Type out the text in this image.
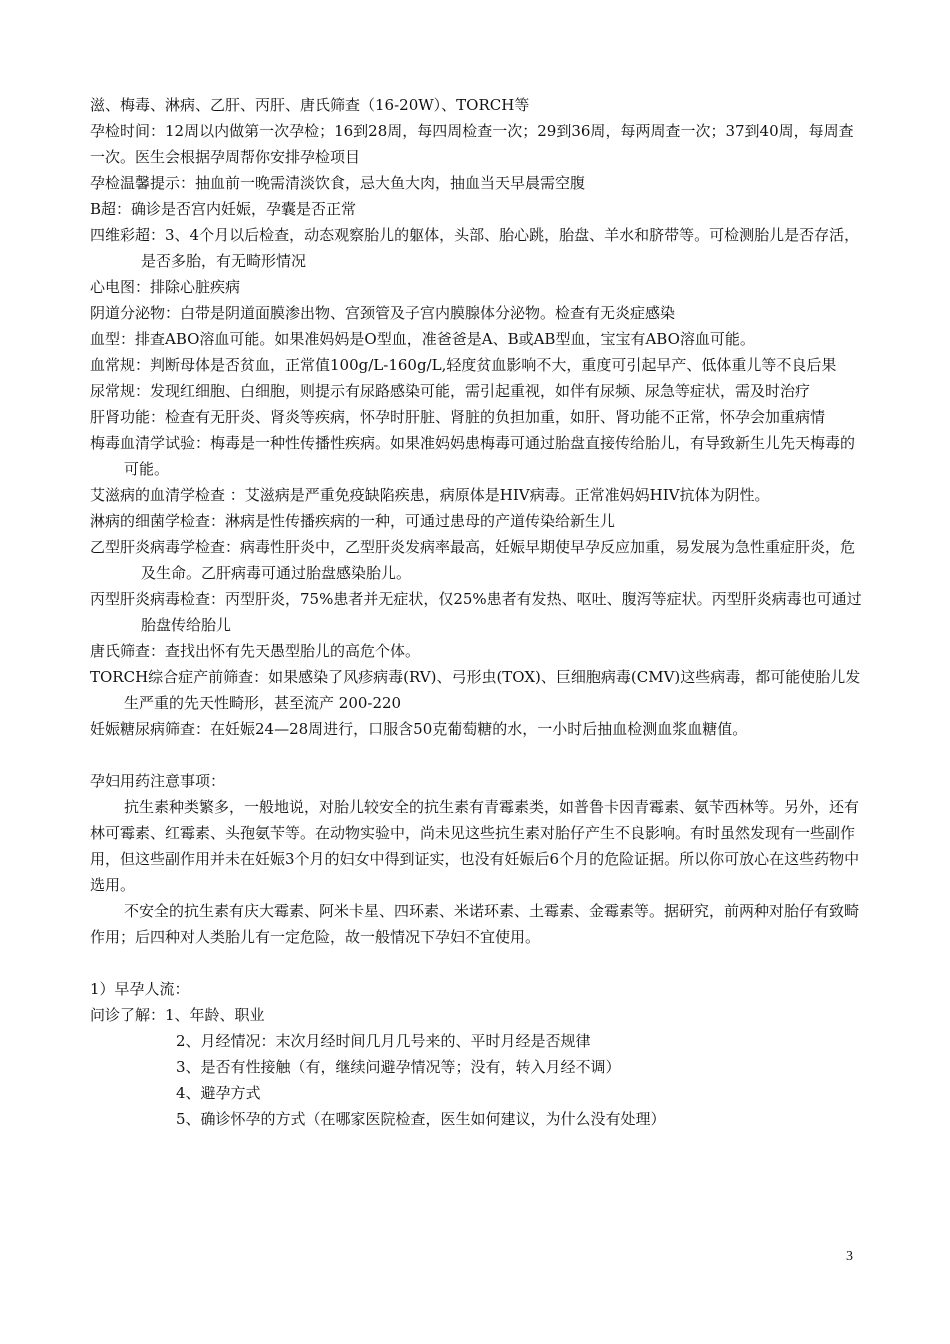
滋、梅毒、淋病、乙肝、丙肝、唐氏筛查（16-20W）、TORCH等

孕检时间：12周以内做第一次孕检；16到28周，每四周检查一次；29到36周，每两周查一次；37到40周，每周查一次。医生会根据孕周帮你安排孕检项目

孕检温馨提示：抽血前一晚需清淡饮食，忌大鱼大肉，抽血当天早晨需空腹

B超：确诊是否宫内妊娠，孕囊是否正常

四维彩超：3、4个月以后检查，动态观察胎儿的躯体，头部、胎心跳，胎盘、羊水和脐带等。可检测胎儿是否存活，是否多胎，有无畸形情况

心电图：排除心脏疾病

阴道分泌物：白带是阴道面膜渗出物、宫颈管及子宫内膜腺体分泌物。检查有无炎症感染

血型：排查ABO溶血可能。如果准妈妈是O型血，准爸爸是A、B或AB型血，宝宝有ABO溶血可能。

血常规：判断母体是否贫血，正常值100g/L-160g/L,轻度贫血影响不大，重度可引起早产、低体重儿等不良后果

尿常规：发现红细胞、白细胞，则提示有尿路感染可能，需引起重视，如伴有尿频、尿急等症状，需及时治疗

肝肾功能：检查有无肝炎、肾炎等疾病，怀孕时肝脏、肾脏的负担加重，如肝、肾功能不正常，怀孕会加重病情

梅毒血清学试验：梅毒是一种性传播性疾病。如果准妈妈患梅毒可通过胎盘直接传给胎儿，有导致新生儿先天梅毒的可能。

艾滋病的血清学检查 ：艾滋病是严重免疫缺陷疾患，病原体是HIV病毒。正常准妈妈HIV抗体为阴性。

淋病的细菌学检查：淋病是性传播疾病的一种，可通过患母的产道传染给新生儿

乙型肝炎病毒学检查：病毒性肝炎中，乙型肝炎发病率最高，妊娠早期使早孕反应加重，易发展为急性重症肝炎，危及生命。乙肝病毒可通过胎盘感染胎儿。

丙型肝炎病毒检查：丙型肝炎，75%患者并无症状，仅25%患者有发热、呕吐、腹泻等症状。丙型肝炎病毒也可通过胎盘传给胎儿

唐氏筛查：查找出怀有先天愚型胎儿的高危个体。

TORCH综合症产前筛查：如果感染了风疹病毒(RV)、弓形虫(TOX)、巨细胞病毒(CMV)这些病毒，都可能使胎儿发生严重的先天性畸形，甚至流产 200-220

妊娠糖尿病筛查：在妊娠24—28周进行，口服含50克葡萄糖的水，一小时后抽血检测血浆血糖值。

孕妇用药注意事项：

抗生素种类繁多，一般地说，对胎儿较安全的抗生素有青霉素类，如普鲁卡因青霉素、氨苄西林等。另外，还有林可霉素、红霉素、头孢氨苄等。在动物实验中，尚未见这些抗生素对胎仔产生不良影响。有时虽然发现有一些副作用，但这些副作用并未在妊娠3个月的妇女中得到证实，也没有妊娠后6个月的危险证据。所以你可放心在这些药物中选用。

不安全的抗生素有庆大霉素、阿米卡星、四环素、米诺环素、土霉素、金霉素等。据研究，前两种对胎仔有致畸作用；后四种对人类胎儿有一定危险，故一般情况下孕妇不宜使用。

1）早孕人流：

问诊了解：1、年龄、职业

2、月经情况：末次月经时间几月几号来的、平时月经是否规律

3、是否有性接触（有，继续问避孕情况等；没有，转入月经不调）

4、避孕方式

5、确诊怀孕的方式（在哪家医院检查，医生如何建议，为什么没有处理）

3
